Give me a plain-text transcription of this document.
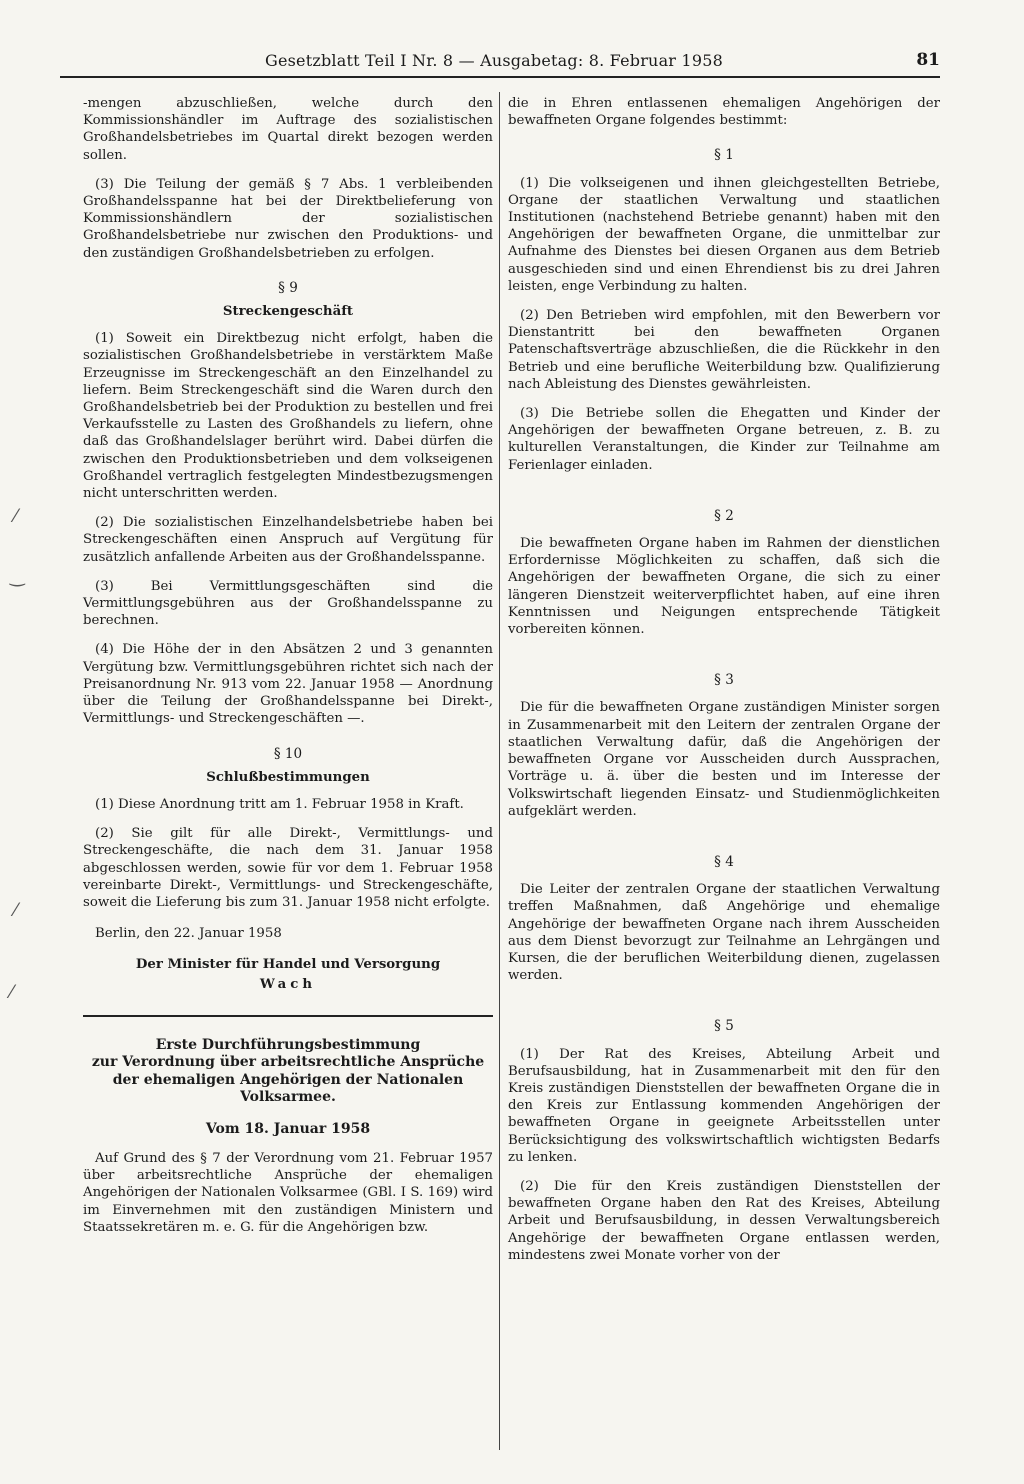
Gesetzblatt Teil I Nr. 8 — Ausgabetag: 8. Februar 1958	81
⁄
‿
⁄
⁄

-mengen abzuschließen, welche durch den Kommissionshändler im Auftrage des sozialistischen Großhandelsbetriebes im Quartal direkt bezogen werden sollen.

(3) Die Teilung der gemäß § 7 Abs. 1 verbleibenden Großhandelsspanne hat bei der Direktbelieferung von Kommissionshändlern der sozialistischen Großhandelsbetriebe nur zwischen den Produktions- und den zuständigen Großhandelsbetrieben zu erfolgen.

§ 9
Streckengeschäft

(1) Soweit ein Direktbezug nicht erfolgt, haben die sozialistischen Großhandelsbetriebe in verstärktem Maße Erzeugnisse im Streckengeschäft an den Einzelhandel zu liefern. Beim Streckengeschäft sind die Waren durch den Großhandelsbetrieb bei der Produktion zu bestellen und frei Verkaufsstelle zu Lasten des Großhandels zu liefern, ohne daß das Großhandelslager berührt wird. Dabei dürfen die zwischen den Produktionsbetrieben und dem volkseigenen Großhandel vertraglich festgelegten Mindestbezugsmengen nicht unterschritten werden.

(2) Die sozialistischen Einzelhandelsbetriebe haben bei Streckengeschäften einen Anspruch auf Vergütung für zusätzlich anfallende Arbeiten aus der Großhandelsspanne.

(3) Bei Vermittlungsgeschäften sind die Vermittlungsgebühren aus der Großhandelsspanne zu berechnen.

(4) Die Höhe der in den Absätzen 2 und 3 genannten Vergütung bzw. Vermittlungsgebühren richtet sich nach der Preisanordnung Nr. 913 vom 22. Januar 1958 — Anordnung über die Teilung der Großhandelsspanne bei Direkt-, Vermittlungs- und Streckengeschäften —.

§ 10
Schlußbestimmungen

(1) Diese Anordnung tritt am 1. Februar 1958 in Kraft.

(2) Sie gilt für alle Direkt-, Vermittlungs- und Streckengeschäfte, die nach dem 31. Januar 1958 abgeschlossen werden, sowie für vor dem 1. Februar 1958 vereinbarte Direkt-, Vermittlungs- und Streckengeschäfte, soweit die Lieferung bis zum 31. Januar 1958 nicht erfolgte.

Berlin, den 22. Januar 1958
Der Minister für Handel und Versorgung
Wach
Erste Durchführungsbestimmung
zur Verordnung über arbeitsrechtliche Ansprüche
der ehemaligen Angehörigen der Nationalen
Volksarmee.
Vom 18. Januar 1958

Auf Grund des § 7 der Verordnung vom 21. Februar 1957 über arbeitsrechtliche Ansprüche der ehemaligen Angehörigen der Nationalen Volksarmee (GBl. I S. 169) wird im Einvernehmen mit den zuständigen Ministern und Staatssekretären m. e. G. für die Angehörigen bzw.

die in Ehren entlassenen ehemaligen Angehörigen der bewaffneten Organe folgendes bestimmt:

§ 1

(1) Die volkseigenen und ihnen gleichgestellten Betriebe, Organe der staatlichen Verwaltung und staatlichen Institutionen (nachstehend Betriebe genannt) haben mit den Angehörigen der bewaffneten Organe, die unmittelbar zur Aufnahme des Dienstes bei diesen Organen aus dem Betrieb ausgeschieden sind und einen Ehrendienst bis zu drei Jahren leisten, enge Verbindung zu halten.

(2) Den Betrieben wird empfohlen, mit den Bewerbern vor Dienstantritt bei den bewaffneten Organen Patenschaftsverträge abzuschließen, die die Rückkehr in den Betrieb und eine berufliche Weiterbildung bzw. Qualifizierung nach Ableistung des Dienstes gewährleisten.

(3) Die Betriebe sollen die Ehegatten und Kinder der Angehörigen der bewaffneten Organe betreuen, z. B. zu kulturellen Veranstaltungen, die Kinder zur Teilnahme am Ferienlager einladen.

§ 2

Die bewaffneten Organe haben im Rahmen der dienstlichen Erfordernisse Möglichkeiten zu schaffen, daß sich die Angehörigen der bewaffneten Organe, die sich zu einer längeren Dienstzeit weiterverpflichtet haben, auf eine ihren Kenntnissen und Neigungen entsprechende Tätigkeit vorbereiten können.

§ 3

Die für die bewaffneten Organe zuständigen Minister sorgen in Zusammenarbeit mit den Leitern der zentralen Organe der staatlichen Verwaltung dafür, daß die Angehörigen der bewaffneten Organe vor Ausscheiden durch Aussprachen, Vorträge u. ä. über die besten und im Interesse der Volkswirtschaft liegenden Einsatz- und Studienmöglichkeiten aufgeklärt werden.

§ 4

Die Leiter der zentralen Organe der staatlichen Verwaltung treffen Maßnahmen, daß Angehörige und ehemalige Angehörige der bewaffneten Organe nach ihrem Ausscheiden aus dem Dienst bevorzugt zur Teilnahme an Lehrgängen und Kursen, die der beruflichen Weiterbildung dienen, zugelassen werden.

§ 5

(1) Der Rat des Kreises, Abteilung Arbeit und Berufsausbildung, hat in Zusammenarbeit mit den für den Kreis zuständigen Dienststellen der bewaffneten Organe die in den Kreis zur Entlassung kommenden Angehörigen der bewaffneten Organe in geeignete Arbeitsstellen unter Berücksichtigung des volkswirtschaftlich wichtigsten Bedarfs zu lenken.

(2) Die für den Kreis zuständigen Dienststellen der bewaffneten Organe haben den Rat des Kreises, Abteilung Arbeit und Berufsausbildung, in dessen Verwaltungsbereich Angehörige der bewaffneten Organe entlassen werden, mindestens zwei Monate vorher von der
